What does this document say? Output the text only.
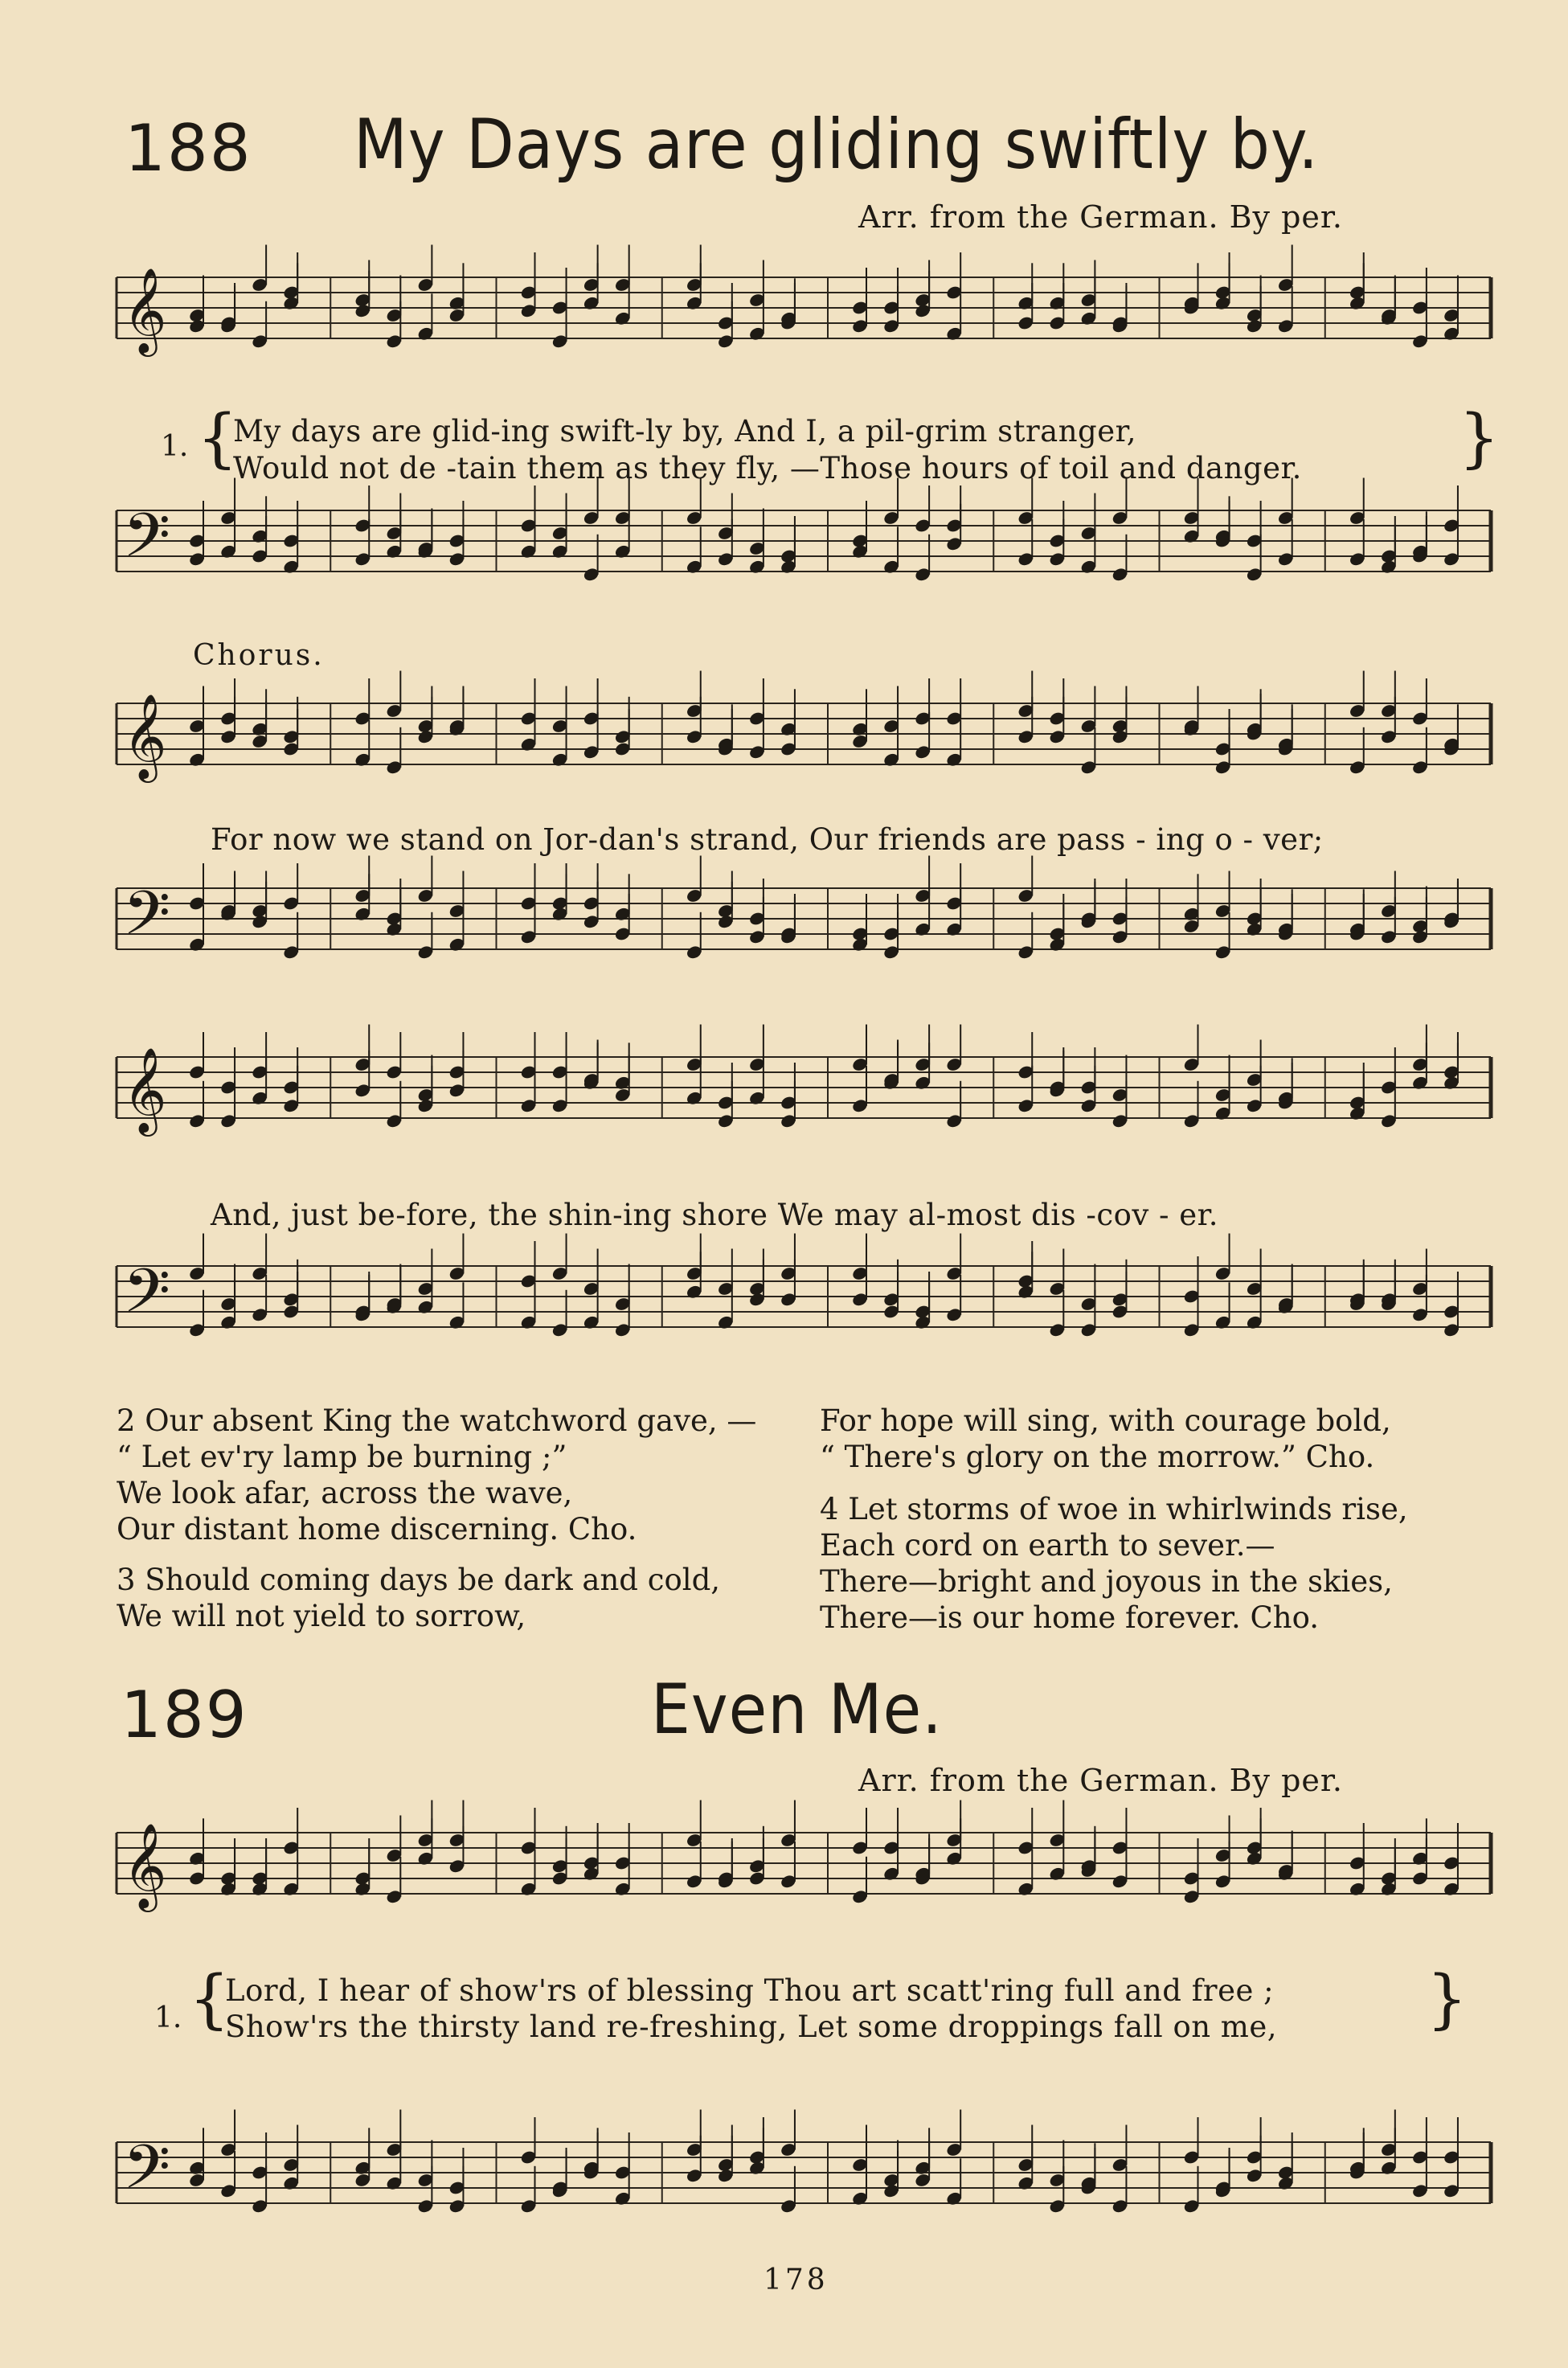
188 My Days are gliding swiftly by.
Arr. from the German. By per.
𝄞
1. {
My days are glid-ing swift-ly by, And I, a pil-grim stranger,
Would not de -tain them as they fly, —Those hours of toil and danger. }
𝄢
Chorus.
𝄞
For now we stand on Jor-dan's strand, Our friends are pass - ing o - ver;
𝄢
𝄞
And, just be-fore, the shin-ing shore We may al-most dis -cov - er.
𝄢
2 Our absent King the watchword gave, —
“ Let ev'ry lamp be burning ;”
We look afar, across the wave,
Our distant home discerning. Cho.
3 Should coming days be dark and cold,
We will not yield to sorrow,
For hope will sing, with courage bold,
“ There's glory on the morrow.” Cho.
4 Let storms of woe in whirlwinds rise,
Each cord on earth to sever.—
There—bright and joyous in the skies,
There—is our home forever. Cho.
189	Even Me.
Arr. from the German. By per.
𝄞
1. {
Lord, I hear of show'rs of blessing Thou art scatt'ring full and free ;
Show'rs the thirsty land re-freshing, Let some droppings fall on me, }
𝄢
178
